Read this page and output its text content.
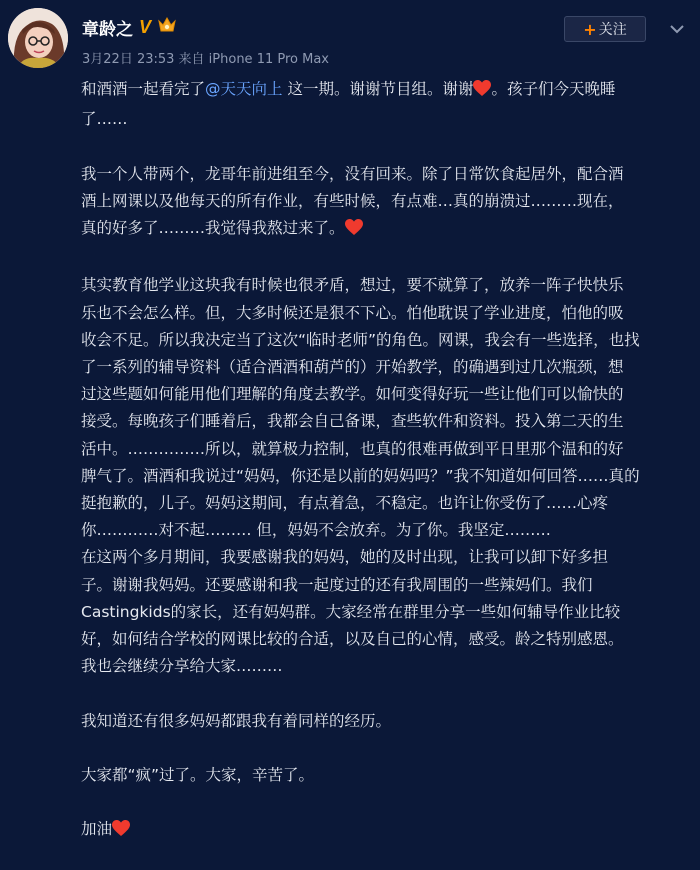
章龄之 V
3月22日 23:53 来自 iPhone 11 Pro Max
+ 关注
和酒酒一起看完了@天天向上 这一期。谢谢节目组。谢谢 。孩子们今天晚睡
了……

我一个人带两个，龙哥年前进组至今，没有回来。除了日常饮食起居外，配合酒
酒上网课以及他每天的所有作业，有些时候，有点难…真的崩溃过………现在，
真的好多了………我觉得我熬过来了。

其实教育他学业这块我有时候也很矛盾，想过，要不就算了，放养一阵子快快乐
乐也不会怎么样。但，大多时候还是狠不下心。怕他耽误了学业进度，怕他的吸
收会不足。所以我决定当了这次“临时老师”的角色。网课，我会有一些选择，也找
了一系列的辅导资料（适合酒酒和葫芦的）开始教学，的确遇到过几次瓶颈，想
过这些题如何能用他们理解的角度去教学。如何变得好玩一些让他们可以愉快的
接受。每晚孩子们睡着后，我都会自己备课，查些软件和资料。投入第二天的生
活中。……………所以，就算极力控制，也真的很难再做到平日里那个温和的好
脾气了。酒酒和我说过“妈妈，你还是以前的妈妈吗？”我不知道如何回答……真的
挺抱歉的，儿子。妈妈这期间，有点着急，不稳定。也许让你受伤了……心疼
你…………对不起……… 但，妈妈不会放弃。为了你。我坚定………
在这两个多月期间，我要感谢我的妈妈，她的及时出现，让我可以卸下好多担
子。谢谢我妈妈。还要感谢和我一起度过的还有我周围的一些辣妈们。我们
Castingkids的家长，还有妈妈群。大家经常在群里分享一些如何辅导作业比较
好，如何结合学校的网课比较的合适，以及自己的心情，感受。龄之特别感恩。
我也会继续分享给大家………

我知道还有很多妈妈都跟我有着同样的经历。

大家都“疯”过了。大家，辛苦了。

加油
